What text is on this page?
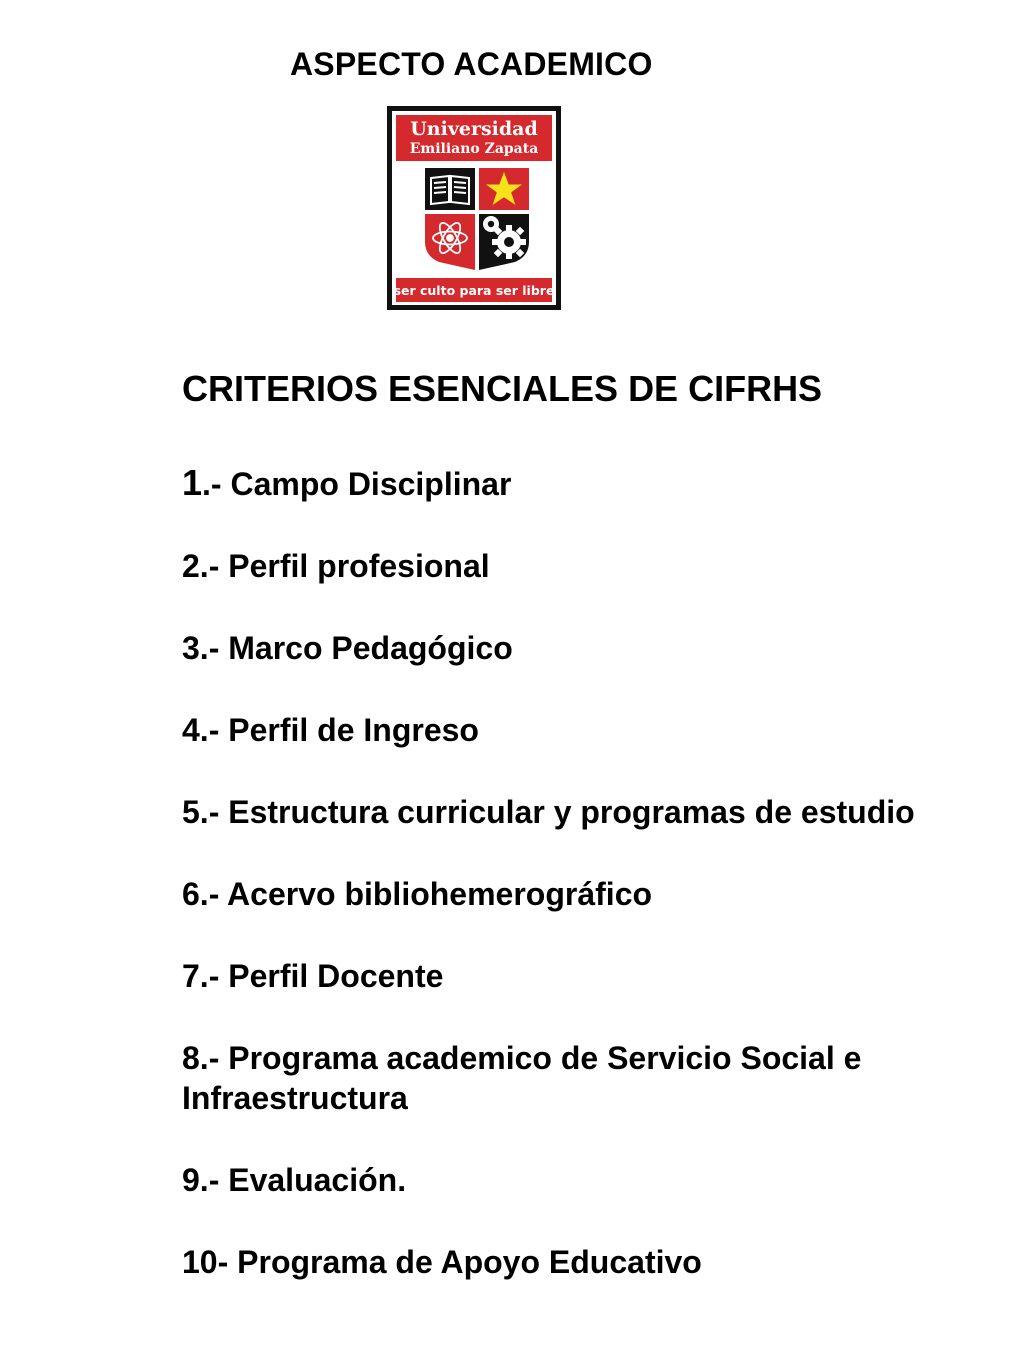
ASPECTO ACADEMICO
Universidad
Emiliano Zapata
ser culto para ser libre
CRITERIOS ESENCIALES DE CIFRHS
1.- Campo Disciplinar
2.- Perfil profesional
3.- Marco Pedagógico
4.- Perfil de Ingreso
5.- Estructura curricular y programas de estudio
6.- Acervo bibliohemerográfico
7.- Perfil Docente
8.- Programa academico de Servicio Social e Infraestructura
9.- Evaluación.
10- Programa de Apoyo Educativo
